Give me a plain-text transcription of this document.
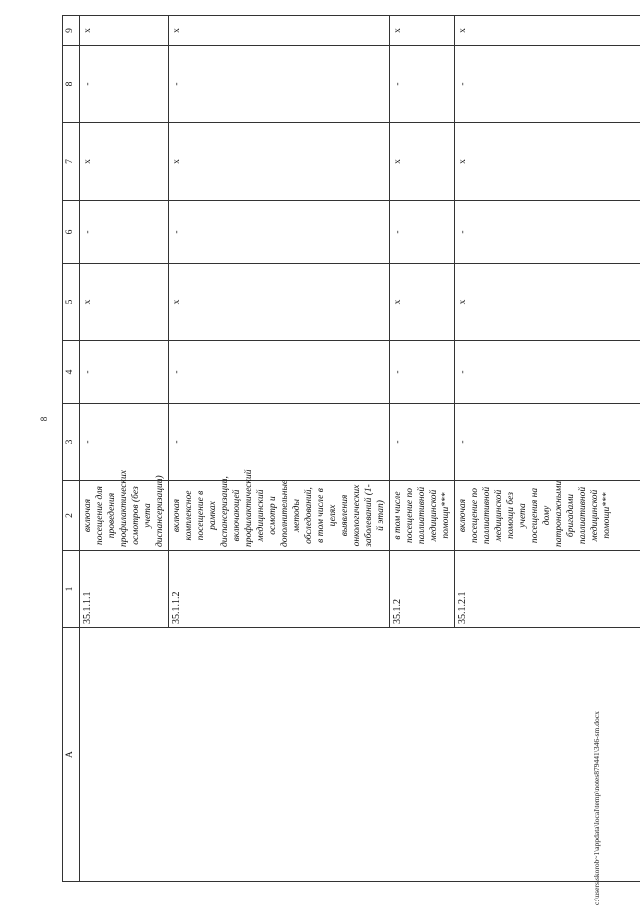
8
A	1	2	3	4	5	6	7	8	9
	35.1.1.1	включая посещение для проведения профилактических осмотров (без учета диспансеризации)	-	-	x	-	x	-	x
	35.1.1.2	включая комплексное посещение в рамках диспансеризации, включающей профилактический медицинский осмотр и дополнительные методы обследований, в том числе в целях выявления онкологических заболеваний (1-й этап)	-	-	x	-	x	-	x
	35.1.2	в том числе посещение по паллиативной медицинской помощи***	-	-	x	-	x	-	x
	35.1.2.1	включая посещение по паллиативной медицинской помощи без учета посещения на дому патронажными бригадами паллиативной медицинской помощи***	-	-	x	-	x	-	x
c:\users\skorob~1\appdata\local\temp\notes879441\346-sm.docx
